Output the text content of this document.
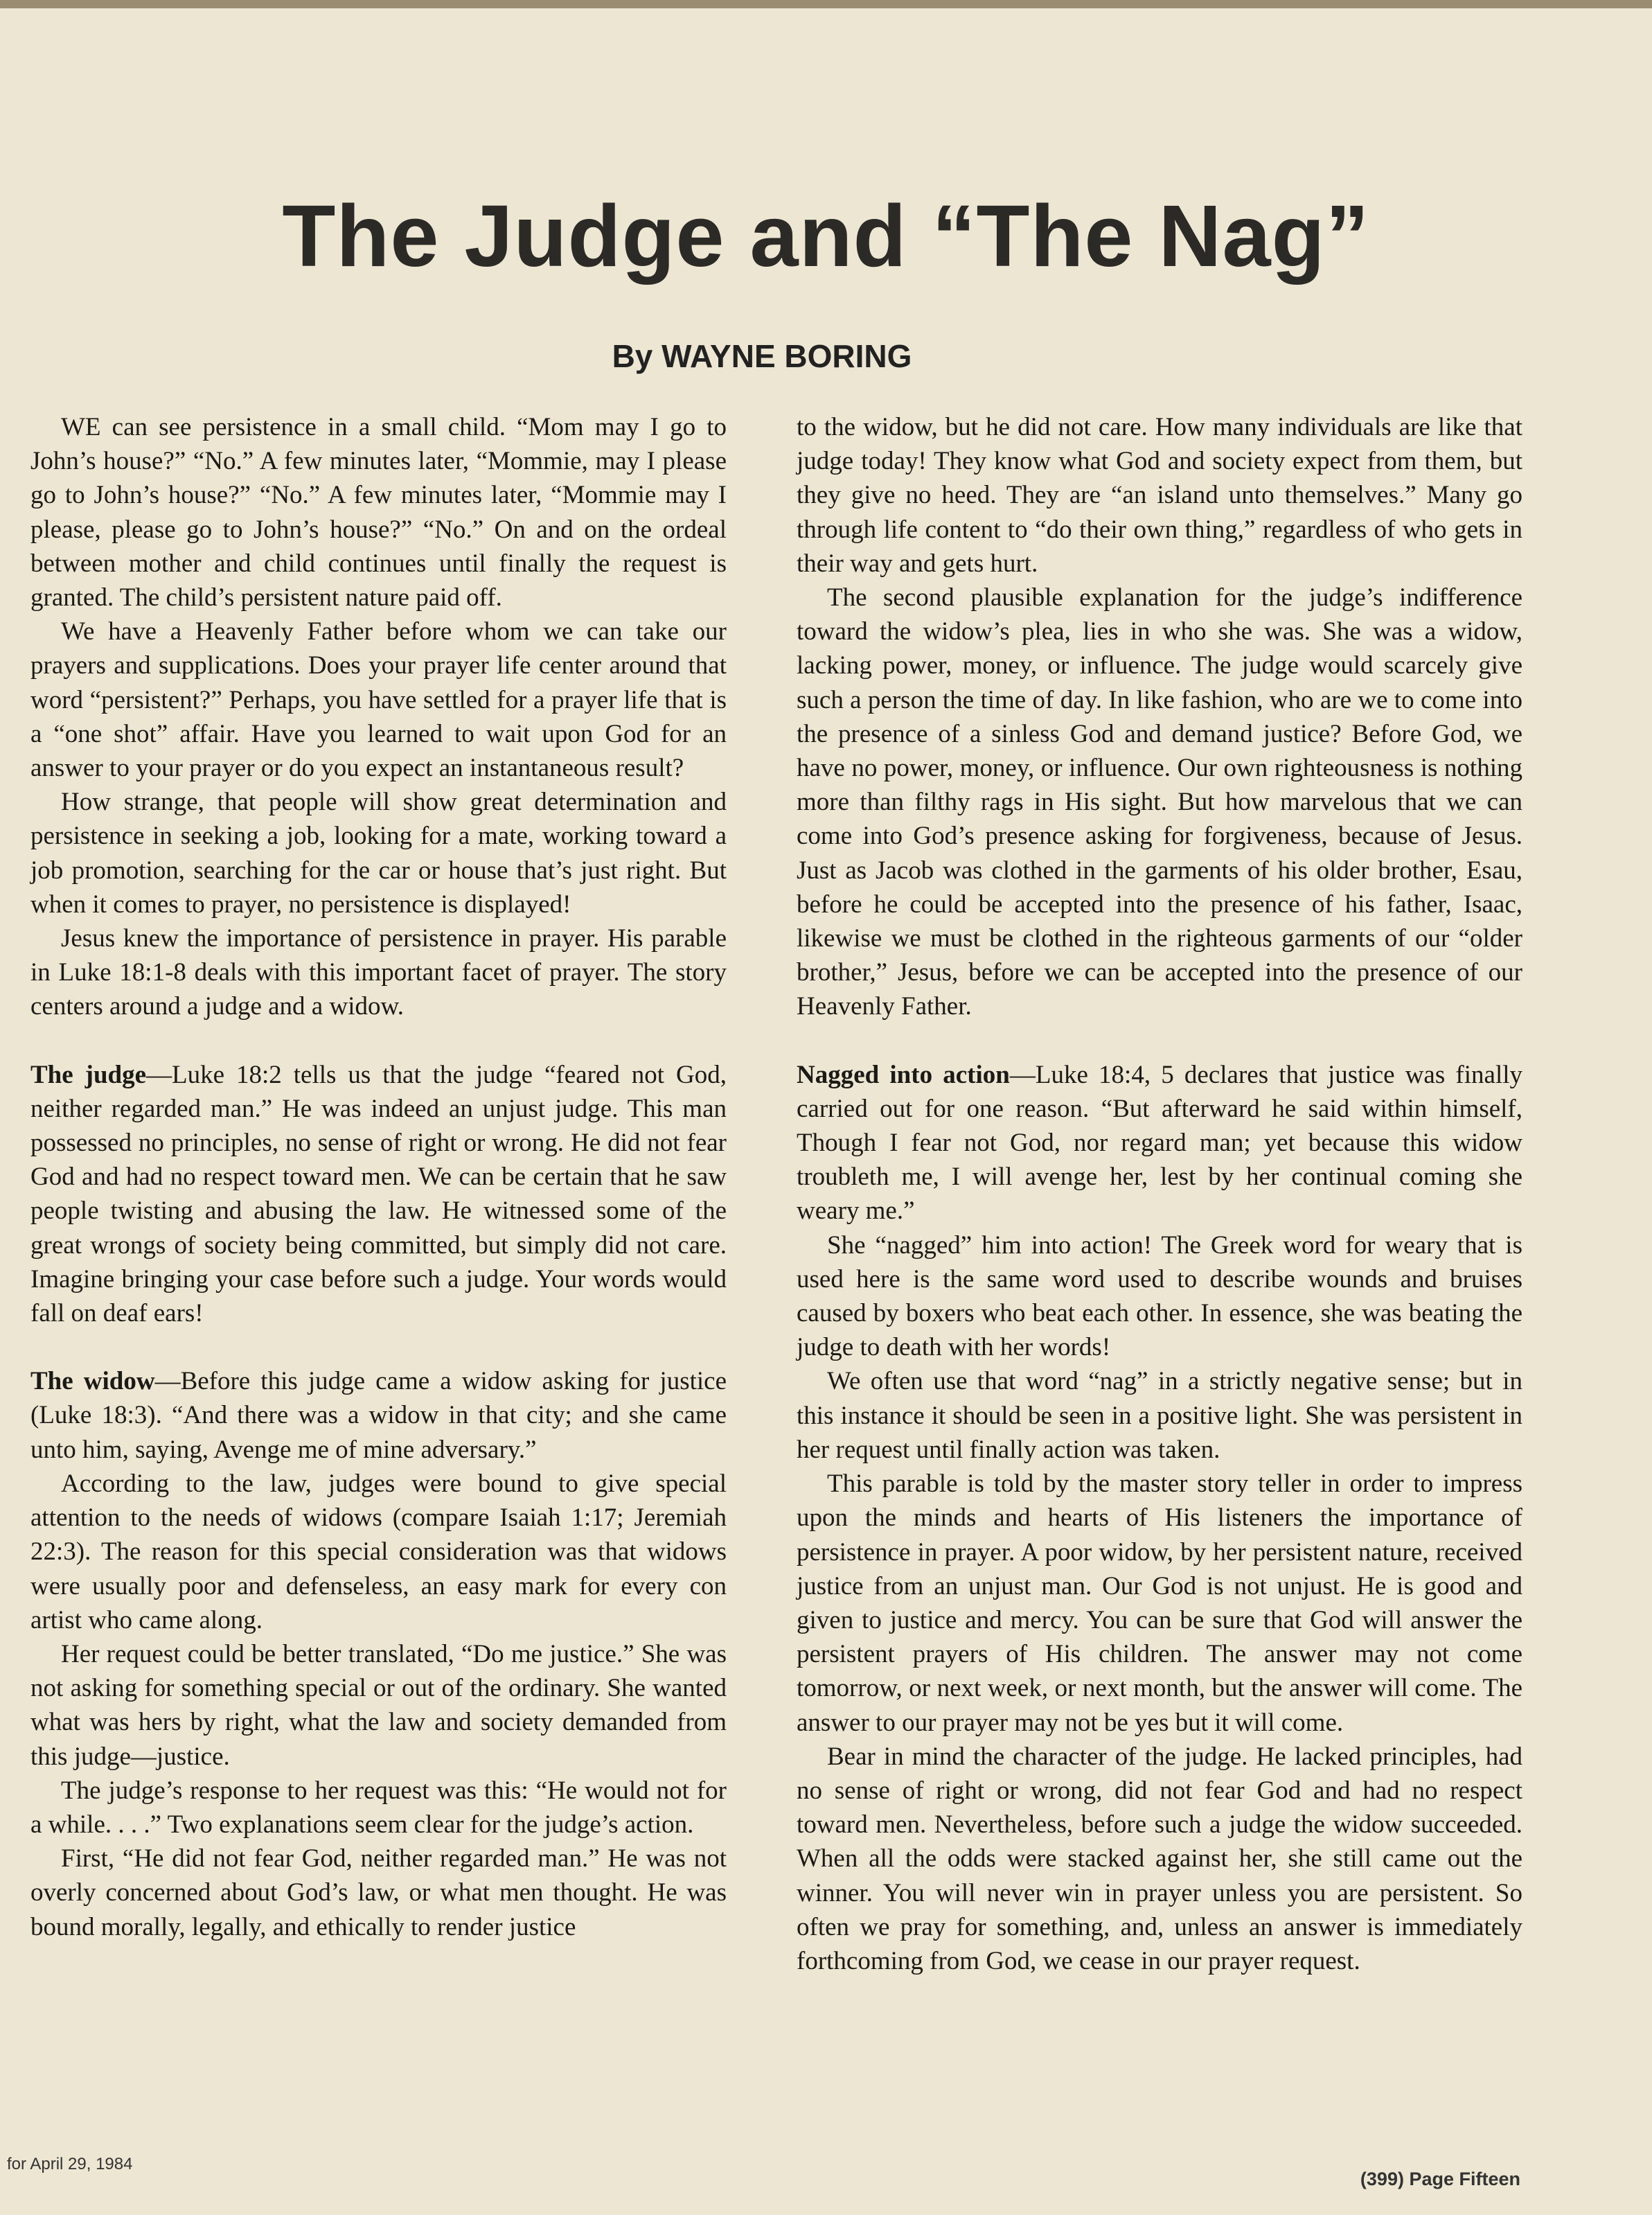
The Judge and “The Nag”
By WAYNE BORING

WE can see persistence in a small child. “Mom may I go to John’s house?” “No.” A few minutes later, “Mommie, may I please go to John’s house?” “No.” A few minutes later, “Mommie may I please, please go to John’s house?” “No.” On and on the ordeal between mother and child continues until finally the request is granted. The child’s persistent nature paid off.

We have a Heavenly Father before whom we can take our prayers and supplications. Does your prayer life center around that word “persistent?” Perhaps, you have settled for a prayer life that is a “one shot” affair. Have you learned to wait upon God for an answer to your prayer or do you expect an instantaneous result?

How strange, that people will show great determination and persistence in seeking a job, looking for a mate, working toward a job promotion, searching for the car or house that’s just right. But when it comes to prayer, no persistence is displayed!

Jesus knew the importance of persistence in prayer. His parable in Luke 18:1-8 deals with this important facet of prayer. The story centers around a judge and a widow.

The judge—Luke 18:2 tells us that the judge “feared not God, neither regarded man.” He was indeed an unjust judge. This man possessed no principles, no sense of right or wrong. He did not fear God and had no respect toward men. We can be certain that he saw people twisting and abusing the law. He witnessed some of the great wrongs of society being committed, but simply did not care. Imagine bringing your case before such a judge. Your words would fall on deaf ears!

The widow—Before this judge came a widow asking for justice (Luke 18:3). “And there was a widow in that city; and she came unto him, saying, Avenge me of mine adversary.”

According to the law, judges were bound to give special attention to the needs of widows (compare Isaiah 1:17; Jeremiah 22:3). The reason for this special consideration was that widows were usually poor and defenseless, an easy mark for every con artist who came along.

Her request could be better translated, “Do me justice.” She was not asking for something special or out of the ordinary. She wanted what was hers by right, what the law and society demanded from this judge—justice.

The judge’s response to her request was this: “He would not for a while. . . .” Two explanations seem clear for the judge’s action.

First, “He did not fear God, neither regarded man.” He was not overly concerned about God’s law, or what men thought. He was bound morally, legally, and ethically to render justice

to the widow, but he did not care. How many individuals are like that judge today! They know what God and society expect from them, but they give no heed. They are “an island unto themselves.” Many go through life content to “do their own thing,” regardless of who gets in their way and gets hurt.

The second plausible explanation for the judge’s indifference toward the widow’s plea, lies in who she was. She was a widow, lacking power, money, or influence. The judge would scarcely give such a person the time of day. In like fashion, who are we to come into the presence of a sinless God and demand justice? Before God, we have no power, money, or influence. Our own righteousness is nothing more than filthy rags in His sight. But how marvelous that we can come into God’s presence asking for forgiveness, because of Jesus. Just as Jacob was clothed in the garments of his older brother, Esau, before he could be accepted into the presence of his father, Isaac, likewise we must be clothed in the righteous garments of our “older brother,” Jesus, before we can be accepted into the presence of our Heavenly Father.

Nagged into action—Luke 18:4, 5 declares that justice was finally carried out for one reason. “But afterward he said within himself, Though I fear not God, nor regard man; yet because this widow troubleth me, I will avenge her, lest by her continual coming she weary me.”

She “nagged” him into action! The Greek word for weary that is used here is the same word used to describe wounds and bruises caused by boxers who beat each other. In essence, she was beating the judge to death with her words!

We often use that word “nag” in a strictly negative sense; but in this instance it should be seen in a positive light. She was persistent in her request until finally action was taken.

This parable is told by the master story teller in order to impress upon the minds and hearts of His listeners the importance of persistence in prayer. A poor widow, by her persistent nature, received justice from an unjust man. Our God is not unjust. He is good and given to justice and mercy. You can be sure that God will answer the persistent prayers of His children. The answer may not come tomorrow, or next week, or next month, but the answer will come. The answer to our prayer may not be yes but it will come.

Bear in mind the character of the judge. He lacked principles, had no sense of right or wrong, did not fear God and had no respect toward men. Nevertheless, before such a judge the widow succeeded. When all the odds were stacked against her, she still came out the winner. You will never win in prayer unless you are persistent. So often we pray for something, and, unless an answer is immediately forthcoming from God, we cease in our prayer request.

for April 29, 1984
(399) Page Fifteen
